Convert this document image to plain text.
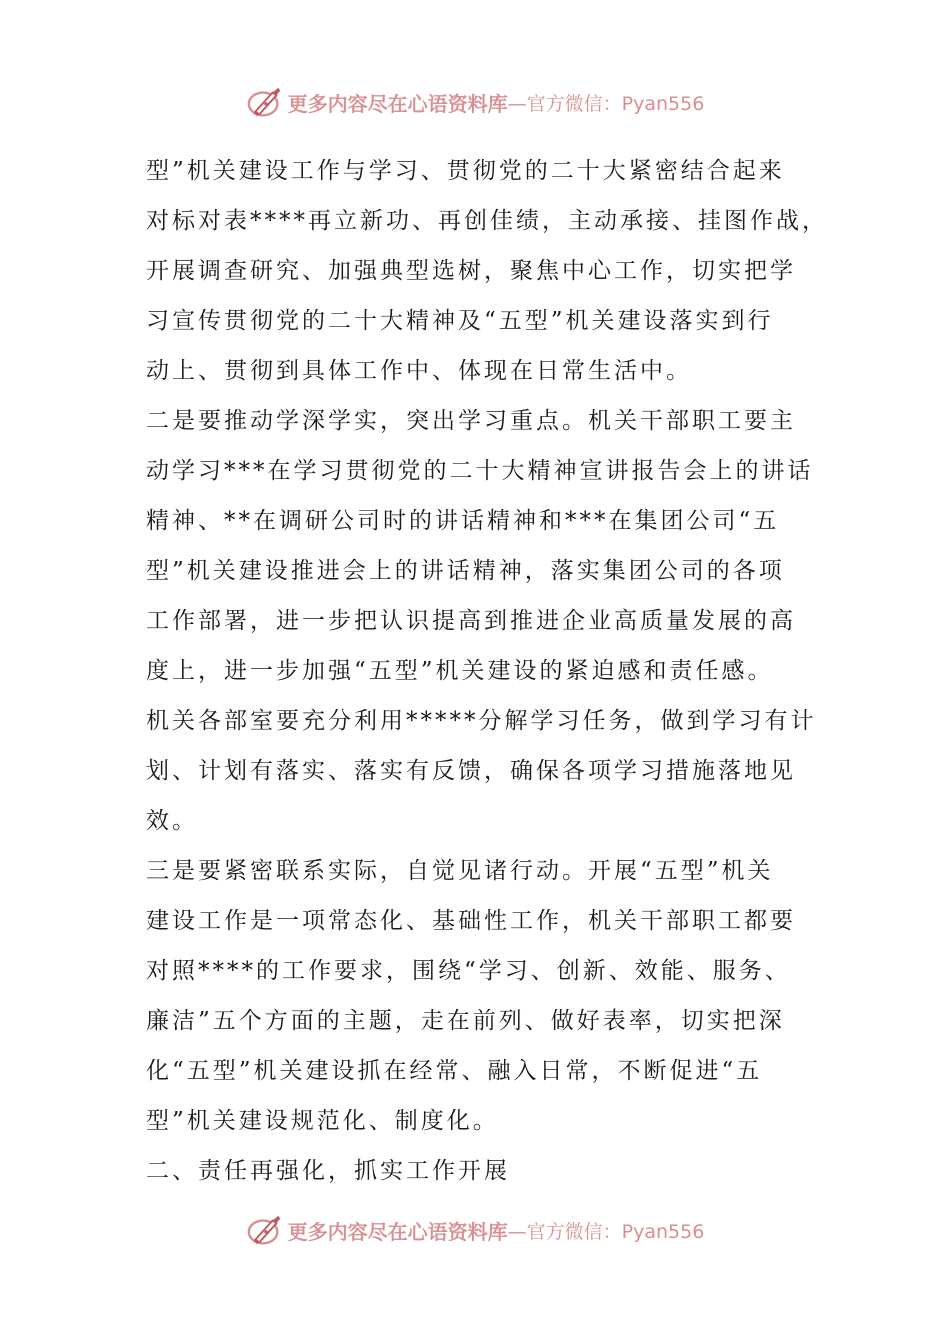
更多内容尽在心语资料库 —官方微信：Pyan556
型”机关建设工作与学习、贯彻党的二十大紧密结合起来
对标对表****再立新功、再创佳绩，主动承接、挂图作战，
开展调查研究、加强典型选树，聚焦中心工作，切实把学
习宣传贯彻党的二十大精神及“五型”机关建设落实到行
动上、贯彻到具体工作中、体现在日常生活中。
二是要推动学深学实，突出学习重点。机关干部职工要主
动学习***在学习贯彻党的二十大精神宣讲报告会上的讲话
精神、**在调研公司时的讲话精神和***在集团公司“五
型”机关建设推进会上的讲话精神，落实集团公司的各项
工作部署，进一步把认识提高到推进企业高质量发展的高
度上，进一步加强“五型”机关建设的紧迫感和责任感。
机关各部室要充分利用*****分解学习任务，做到学习有计
划、计划有落实、落实有反馈，确保各项学习措施落地见
效。
三是要紧密联系实际，自觉见诸行动。开展“五型”机关
建设工作是一项常态化、基础性工作，机关干部职工都要
对照****的工作要求，围绕“学习、创新、效能、服务、
廉洁”五个方面的主题，走在前列、做好表率，切实把深
化“五型”机关建设抓在经常、融入日常，不断促进“五
型”机关建设规范化、制度化。
二、责任再强化，抓实工作开展
更多内容尽在心语资料库 —官方微信：Pyan556
